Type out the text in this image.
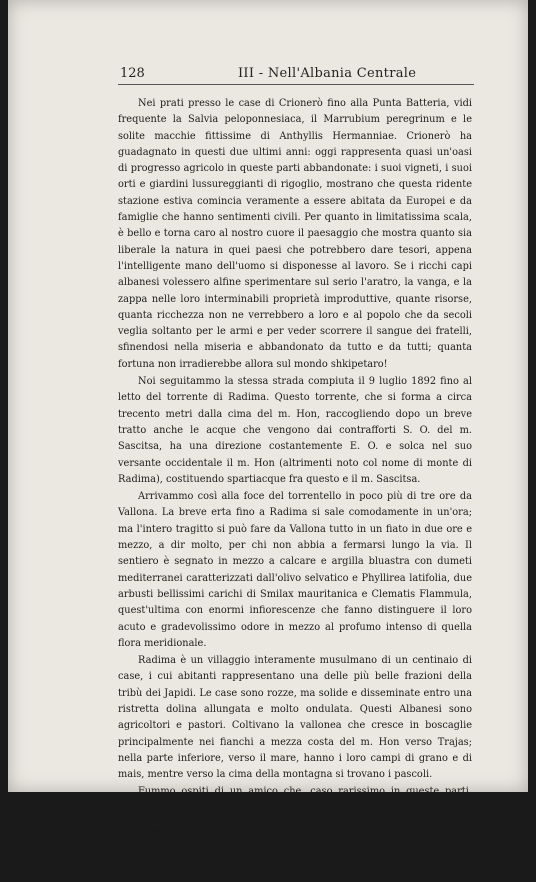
128	III - Nell'Albania Centrale

Nei prati presso le case di Crionerò fino alla Punta Batteria, vidi frequente la Salvia peloponnesiaca, il Marrubium peregrinum e le solite macchie fittissime di Anthyllis Hermanniae. Crionerò ha guadagnato in questi due ultimi anni: oggi rappresenta quasi un'oasi di progresso agricolo in queste parti abbandonate: i suoi vigneti, i suoi orti e giardini lussureggianti di rigoglio, mostrano che questa ridente stazione estiva comincia veramente a essere abitata da Europei e da famiglie che hanno sentimenti civili. Per quanto in limitatissima scala, è bello e torna caro al nostro cuore il paesaggio che mostra quanto sia liberale la natura in quei paesi che potrebbero dare tesori, appena l'intelligente mano dell'uomo si disponesse al lavoro. Se i ricchi capi albanesi volessero alfine sperimentare sul serio l'aratro, la vanga, e la zappa nelle loro interminabili proprietà improduttive, quante risorse, quanta ricchezza non ne verrebbero a loro e al popolo che da secoli veglia soltanto per le armi e per veder scorrere il sangue dei fratelli, sfinendosi nella miseria e abbandonato da tutto e da tutti; quanta fortuna non irradierebbe allora sul mondo shkipetaro!

Noi seguitammo la stessa strada compiuta il 9 luglio 1892 fino al letto del torrente di Radima. Questo torrente, che si forma a circa trecento metri dalla cima del m. Hon, raccogliendo dopo un breve tratto anche le acque che vengono dai contrafforti S. O. del m. Sascitsa, ha una direzione costantemente E. O. e solca nel suo versante occidentale il m. Hon (altrimenti noto col nome di monte di Radima), costituendo spartiacque fra questo e il m. Sascitsa.

Arrivammo così alla foce del torrentello in poco più di tre ore da Vallona. La breve erta fino a Radima si sale comodamente in un'ora; ma l'intero tragitto si può fare da Vallona tutto in un fiato in due ore e mezzo, a dir molto, per chi non abbia a fermarsi lungo la via. Il sentiero è segnato in mezzo a calcare e argilla bluastra con dumeti mediterranei caratterizzati dall'olivo selvatico e Phyllirea latifolia, due arbusti bellissimi carichi di Smilax mauritanica e Clematis Flammula, quest'ultima con enormi infiorescenze che fanno distinguere il loro acuto e gradevolissimo odore in mezzo al profumo intenso di quella flora meridionale.

Radima è un villaggio interamente musulmano di un centinaio di case, i cui abitanti rappresentano una delle più belle frazioni della tribù dei Japidi. Le case sono rozze, ma solide e disseminate entro una ristretta dolina allungata e molto ondulata. Questi Albanesi sono agricoltori e pastori. Coltivano la vallonea che cresce in boscaglie principalmente nei fianchi a mezza costa del m. Hon verso Trajas; nella parte inferiore, verso il mare, hanno i loro campi di grano e di mais, mentre verso la cima della montagna si trovano i pascoli.

Fummo ospiti di un amico che, caso rarissimo in queste parti, sapeva leggere e scrivere il turco senza essere hogia. Alle 10,15 ant. con tempo sereno e calmo il barometro segnava 752 e il termometro + 39° come alle 2 pom. quando partimmo, benchè sull'alta Acroceraunia vicina si fosse scatenato un acquazzone. Il timore di essere sorpresi dalla pioggia ci fece volgere verso il m. Sascitsa
